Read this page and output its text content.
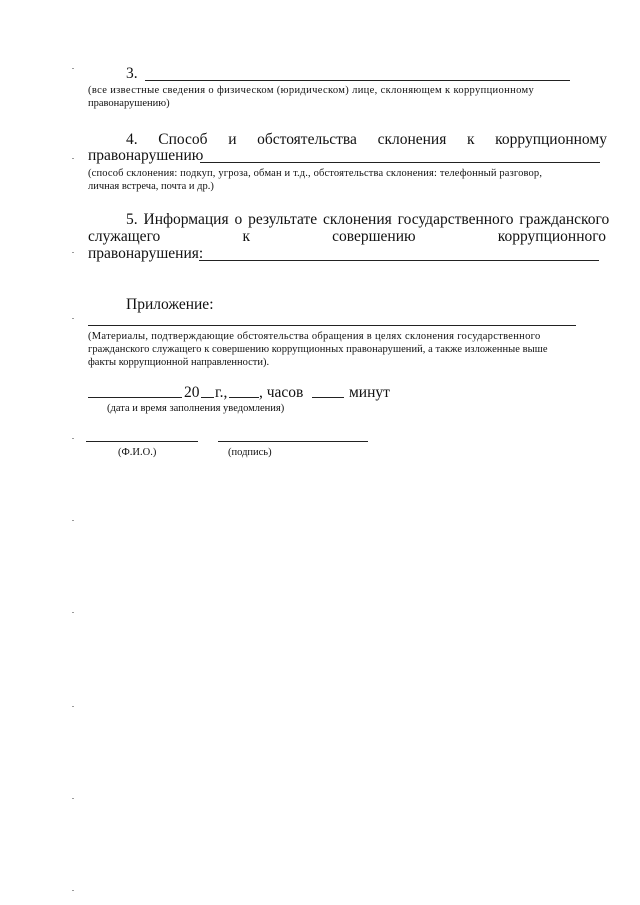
3.
(все известные сведения о физическом (юридическом) лице, склоняющем к коррупционному
правонарушению)
4. Способ и обстоятельства склонения к коррупционному
правонарушению
(способ склонения: подкуп, угроза, обман и т.д., обстоятельства склонения: телефонный разговор,
личная встреча, почта и др.)
5. Информация о результате склонения государственного гражданского
служащего	к	совершению	коррупционного
правонарушения:
Приложение:
(Материалы, подтверждающие обстоятельства обращения в целях склонения государственного
гражданского служащего к совершению коррупционных правонарушений, а также изложенные выше
факты коррупционной направленности).
20 г., , часов	минут
(дата и время заполнения уведомления)
(Ф.И.О.)	(подпись)
